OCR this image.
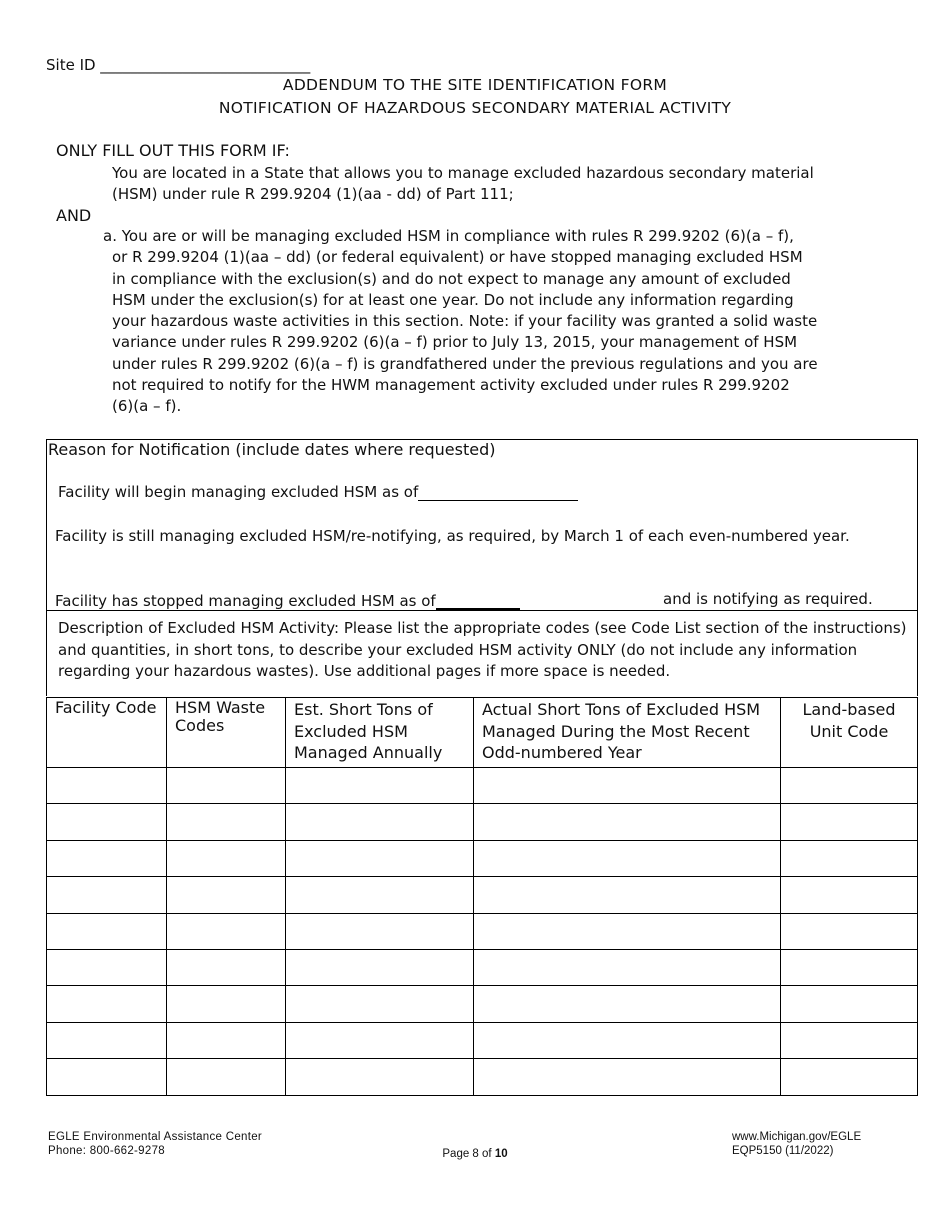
Site ID ____________________________
ADDENDUM TO THE SITE IDENTIFICATION FORM
NOTIFICATION OF HAZARDOUS SECONDARY MATERIAL ACTIVITY
ONLY FILL OUT THIS FORM IF:
You are located in a State that allows you to manage excluded hazardous secondary material
(HSM) under rule R 299.9204 (1)(aa - dd) of Part 111;
AND
a. You are or will be managing excluded HSM in compliance with rules R 299.9202 (6)(a – f),
or R 299.9204 (1)(aa – dd) (or federal equivalent) or have stopped managing excluded HSM
in compliance with the exclusion(s) and do not expect to manage any amount of excluded
HSM under the exclusion(s) for at least one year. Do not include any information regarding
your hazardous waste activities in this section. Note: if your facility was granted a solid waste
variance under rules R 299.9202 (6)(a – f) prior to July 13, 2015, your management of HSM
under rules R 299.9202 (6)(a – f) is grandfathered under the previous regulations and you are
not required to notify for the HWM management activity excluded under rules R 299.9202
(6)(a – f).
Reason for Notification (include dates where requested)
Facility will begin managing excluded HSM as of
Facility is still managing excluded HSM/re-notifying, as required, by March 1 of each even-numbered year.
Facility has stopped managing excluded HSM as of	and is notifying as required.
Description of Excluded HSM Activity: Please list the appropriate codes (see Code List section of the instructions) and quantities, in short tons, to describe your excluded HSM activity ONLY (do not include any information regarding your hazardous wastes). Use additional pages if more space is needed.
Facility Code	HSM Waste Codes	Est. Short Tons of Excluded HSM Managed Annually	Actual Short Tons of Excluded HSM Managed During the Most Recent Odd-numbered Year	Land-based Unit Code

EGLE Environmental Assistance Center
Phone: 800-662-9278	Page 8 of 10
www.Michigan.gov/EGLE
EQP5150 (11/2022)
